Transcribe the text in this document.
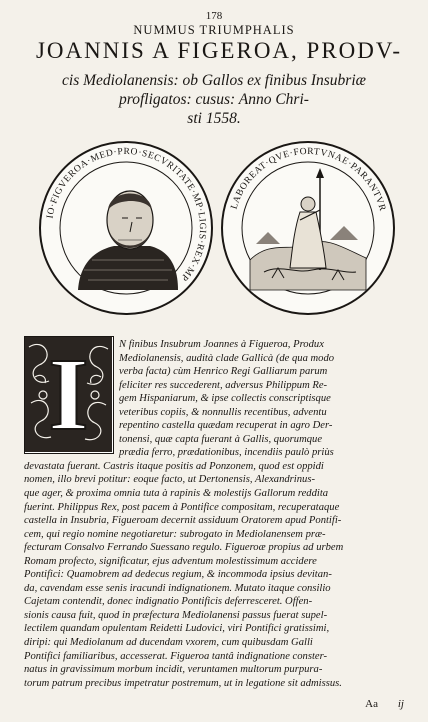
178
NUMMUS TRIUMPHALIS
JOANNIS A FIGEROA, PRODV-
cis Mediolanensis: ob Gallos ex finibus Insubriæ
profligatos: cusus: Anno Chri-
sti 1558.
IO·FIGVEROA·MED·PRO·SECVRITATE·MP·LIGIS·REX·MP
LABOREAT·QVE·FORTVNAE·PARANTVR
I	N finibus Insubrum Joannes à Figueroa, Produx
Mediolanensis, audità clade Gallicà (de qua modo
verba facta) cùm Henrico Regi Galliarum parum
feliciter res succederent, adversus Philippum Re-
gem Hispaniarum, & ipse collectis conscriptisque
veteribus copiis, & nonnullis recentibus, adventu
repentino castella quædam recuperat in agro Der-
tonensi, quæ capta fuerant à Gallis, quorumque
prædia ferro, prædationibus, incendiis paulò priùs
devastata fuerant. Castris itaque positis ad Ponzonem, quod est oppidi
nomen, illo brevi potitur: eoque facto, ut Dertonensis, Alexandrinus-
que ager, & proxima omnia tuta à rapinis & molestijs Gallorum reddita
fuerint. Philippus Rex, post pacem à Pontifice compositam, recuperataque
castella in Insubria, Figueroam decernit assiduum Oratorem apud Pontifi-
cem, qui regio nomine negotiaretur: subrogato in Mediolanensem præ-
fecturam Consalvo Ferrando Suessano regulo. Figueroæ propius ad urbem
Romam profecto, significatur, ejus adventum molestissimum accidere
Pontifici: Quamobrem ad dedecus regium, & incommoda ipsius devitan-
da, cavendam esse senis iracundi indignationem. Mutato itaque consilio
Cajetam contendit, donec indignatio Pontificis deferresceret. Offen-
sionis causa fuit, quod in præfectura Mediolanensi passus fuerat supel-
lectilem quandam opulentam Reidetti Ludovici, viri Pontifici gratissimi,
diripi: qui Mediolanum ad ducendam vxorem, cum quibusdam Galli
Pontifici familiaribus, accesserat. Figueroa tantâ indignatione conster-
natus in gravissimum morbum incidit, veruntamen multorum purpura-
torum patrum precibus impetratur postremum, ut in legatione sit admissus.
Aa ij
